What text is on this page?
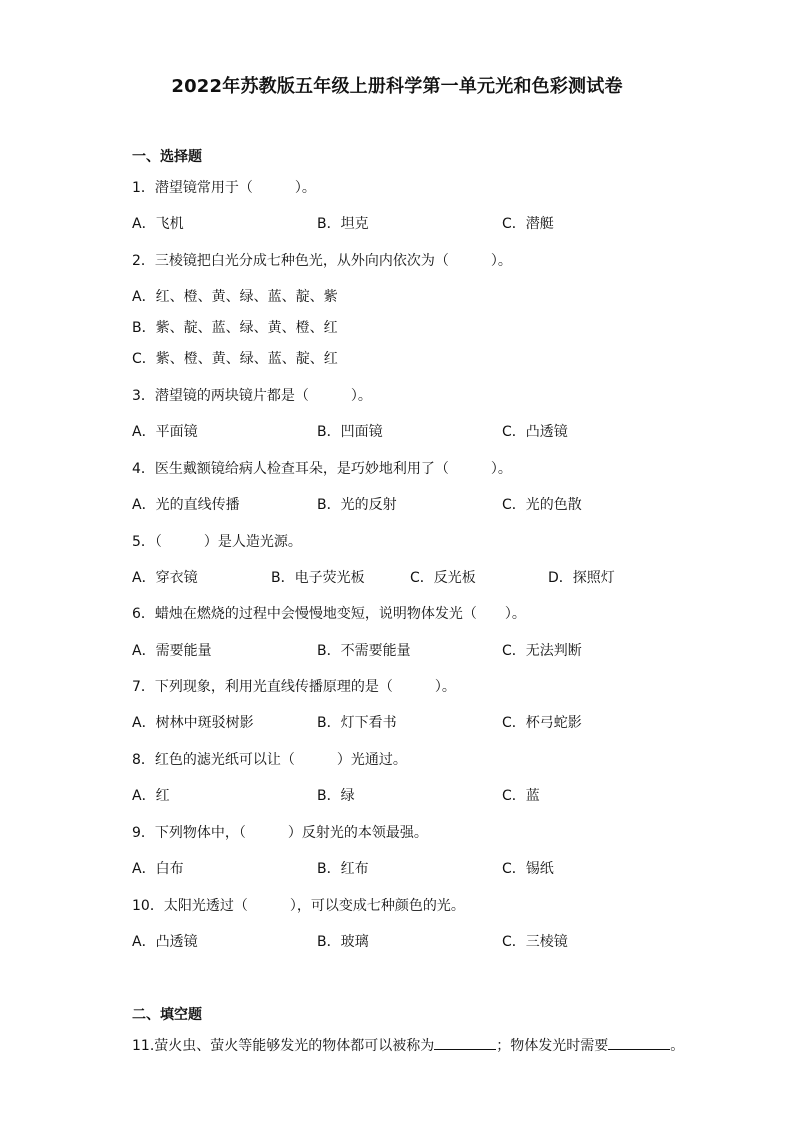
2022年苏教版五年级上册科学第一单元光和色彩测试卷
一、选择题
1．潜望镜常用于（　　　）。
A．飞机	B．坦克	C．潜艇
2．三棱镜把白光分成七种色光，从外向内依次为（　　　）。
A．红、橙、黄、绿、蓝、靛、紫
B．紫、靛、蓝、绿、黄、橙、红
C．紫、橙、黄、绿、蓝、靛、红
3．潜望镜的两块镜片都是（　　　）。
A．平面镜	B．凹面镜	C．凸透镜
4．医生戴额镜给病人检查耳朵，是巧妙地利用了（　　　）。
A．光的直线传播	B．光的反射	C．光的色散
5．（　　　）是人造光源。
A．穿衣镜	B．电子荧光板	C．反光板	D．探照灯
6．蜡烛在燃烧的过程中会慢慢地变短，说明物体发光（　　）。
A．需要能量	B．不需要能量	C．无法判断
7．下列现象，利用光直线传播原理的是（　　　）。
A．树林中斑驳树影	B．灯下看书	C．杯弓蛇影
8．红色的滤光纸可以让（　　　）光通过。
A．红	B．绿	C．蓝
9．下列物体中，（　　　）反射光的本领最强。
A．白布	B．红布	C．锡纸
10．太阳光透过（　　　），可以变成七种颜色的光。
A．凸透镜	B．玻璃	C．三棱镜
二、填空题
11.萤火虫、萤火等能够发光的物体都可以被称为	；物体发光时需要	。
